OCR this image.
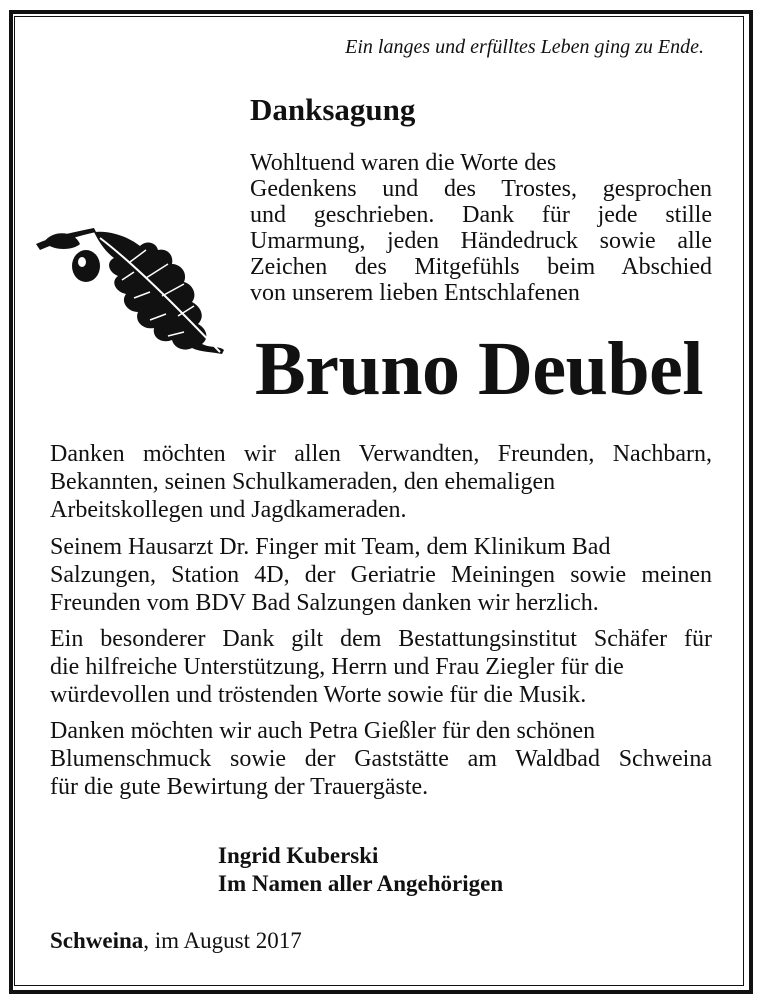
Ein langes und erfülltes Leben ging zu Ende.
Danksagung
Wohltuend waren die Worte des
Gedenkens und des Trostes, gesprochen
und geschrieben. Dank für jede stille
Umarmung, jeden Händedruck sowie alle
Zeichen des Mitgefühls beim Abschied
von unserem lieben Entschlafenen
Bruno Deubel
Danken möchten wir allen Verwandten, Freunden, Nachbarn,
Bekannten, seinen Schulkameraden, den ehemaligen
Arbeitskollegen und Jagdkameraden.
Seinem Hausarzt Dr. Finger mit Team, dem Klinikum Bad
Salzungen, Station 4D, der Geriatrie Meiningen sowie meinen
Freunden vom BDV Bad Salzungen danken wir herzlich.
Ein besonderer Dank gilt dem Bestattungsinstitut Schäfer für
die hilfreiche Unterstützung, Herrn und Frau Ziegler für die
würdevollen und tröstenden Worte sowie für die Musik.
Danken möchten wir auch Petra Gießler für den schönen
Blumenschmuck sowie der Gaststätte am Waldbad Schweina
für die gute Bewirtung der Trauergäste.
Ingrid Kuberski
Im Namen aller Angehörigen
Schweina, im August 2017
